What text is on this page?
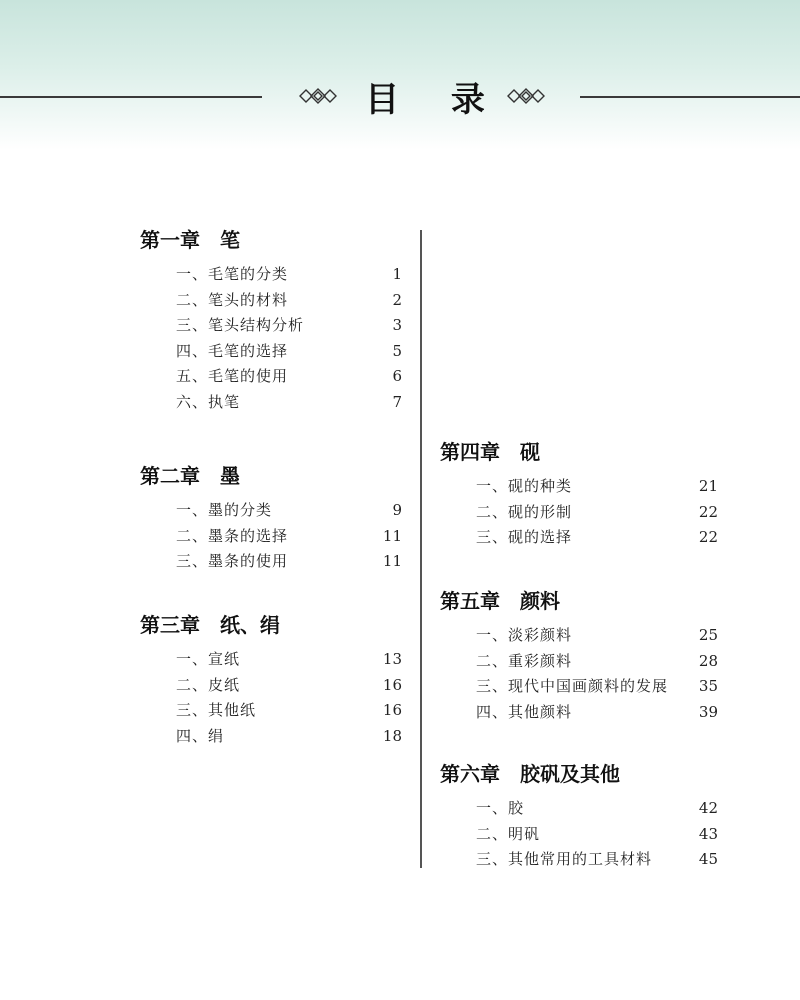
目 录
第一章　笔
一、毛笔的分类	1
二、笔头的材料	2
三、笔头结构分析	3
四、毛笔的选择	5
五、毛笔的使用	6
六、执笔	7
第二章　墨
一、墨的分类	9
二、墨条的选择	11
三、墨条的使用	11
第三章　纸、绢
一、宣纸	13
二、皮纸	16
三、其他纸	16
四、绢	18
第四章　砚
一、砚的种类	21
二、砚的形制	22
三、砚的选择	22
第五章　颜料
一、淡彩颜料	25
二、重彩颜料	28
三、现代中国画颜料的发展 35
四、其他颜料	39
第六章　胶矾及其他
一、胶	42
二、明矾	43
三、其他常用的工具材料	45
